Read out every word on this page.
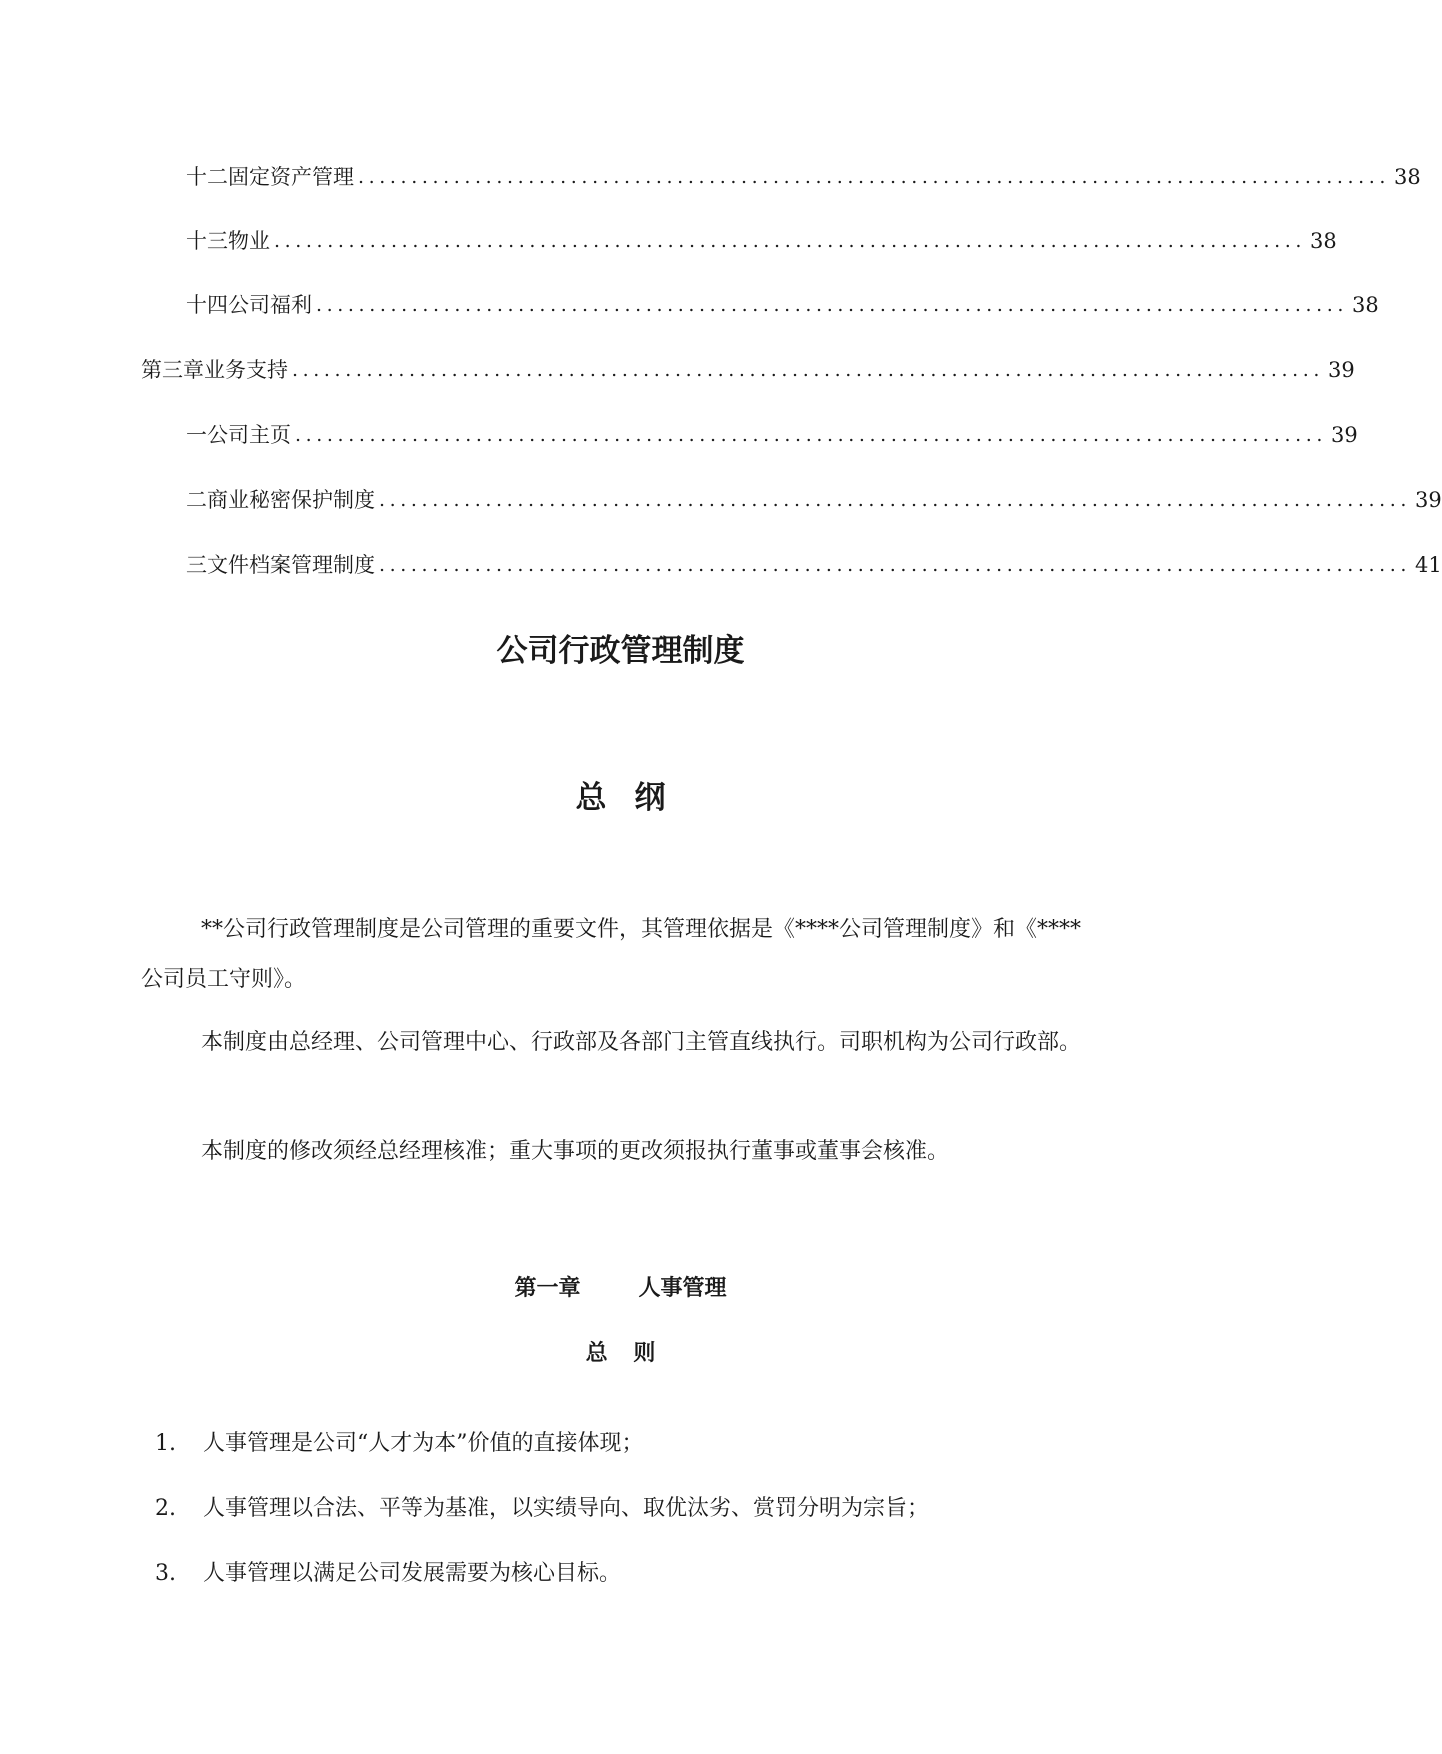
十二 固定资产管理 ................................................................................................. 38
十三 物业 ................................................................................................. 38
十四 公司福利 ................................................................................................. 38
第三章 业务支持 ................................................................................................. 39
一 公司主页 ................................................................................................. 39
二 商业秘密保护制度 ................................................................................................. 39
三 文件档案管理制度 ................................................................................................. 41
公司行政管理制度
总纲
**公司行政管理制度是公司管理的重要文件，其管理依据是《****公司管理制度》和《****公司员工守则》。
本制度由总经理、公司管理中心、行政部及各部门主管直线执行。司职机构为公司行政部。
本制度的修改须经总经理核准；重大事项的更改须报执行董事或董事会核准。
第一章	人事管理
总 则

1. 人事管理是公司“人才为本”价值的直接体现；

2. 人事管理以合法、平等为基准，以实绩导向、取优汰劣、赏罚分明为宗旨；

3. 人事管理以满足公司发展需要为核心目标。
